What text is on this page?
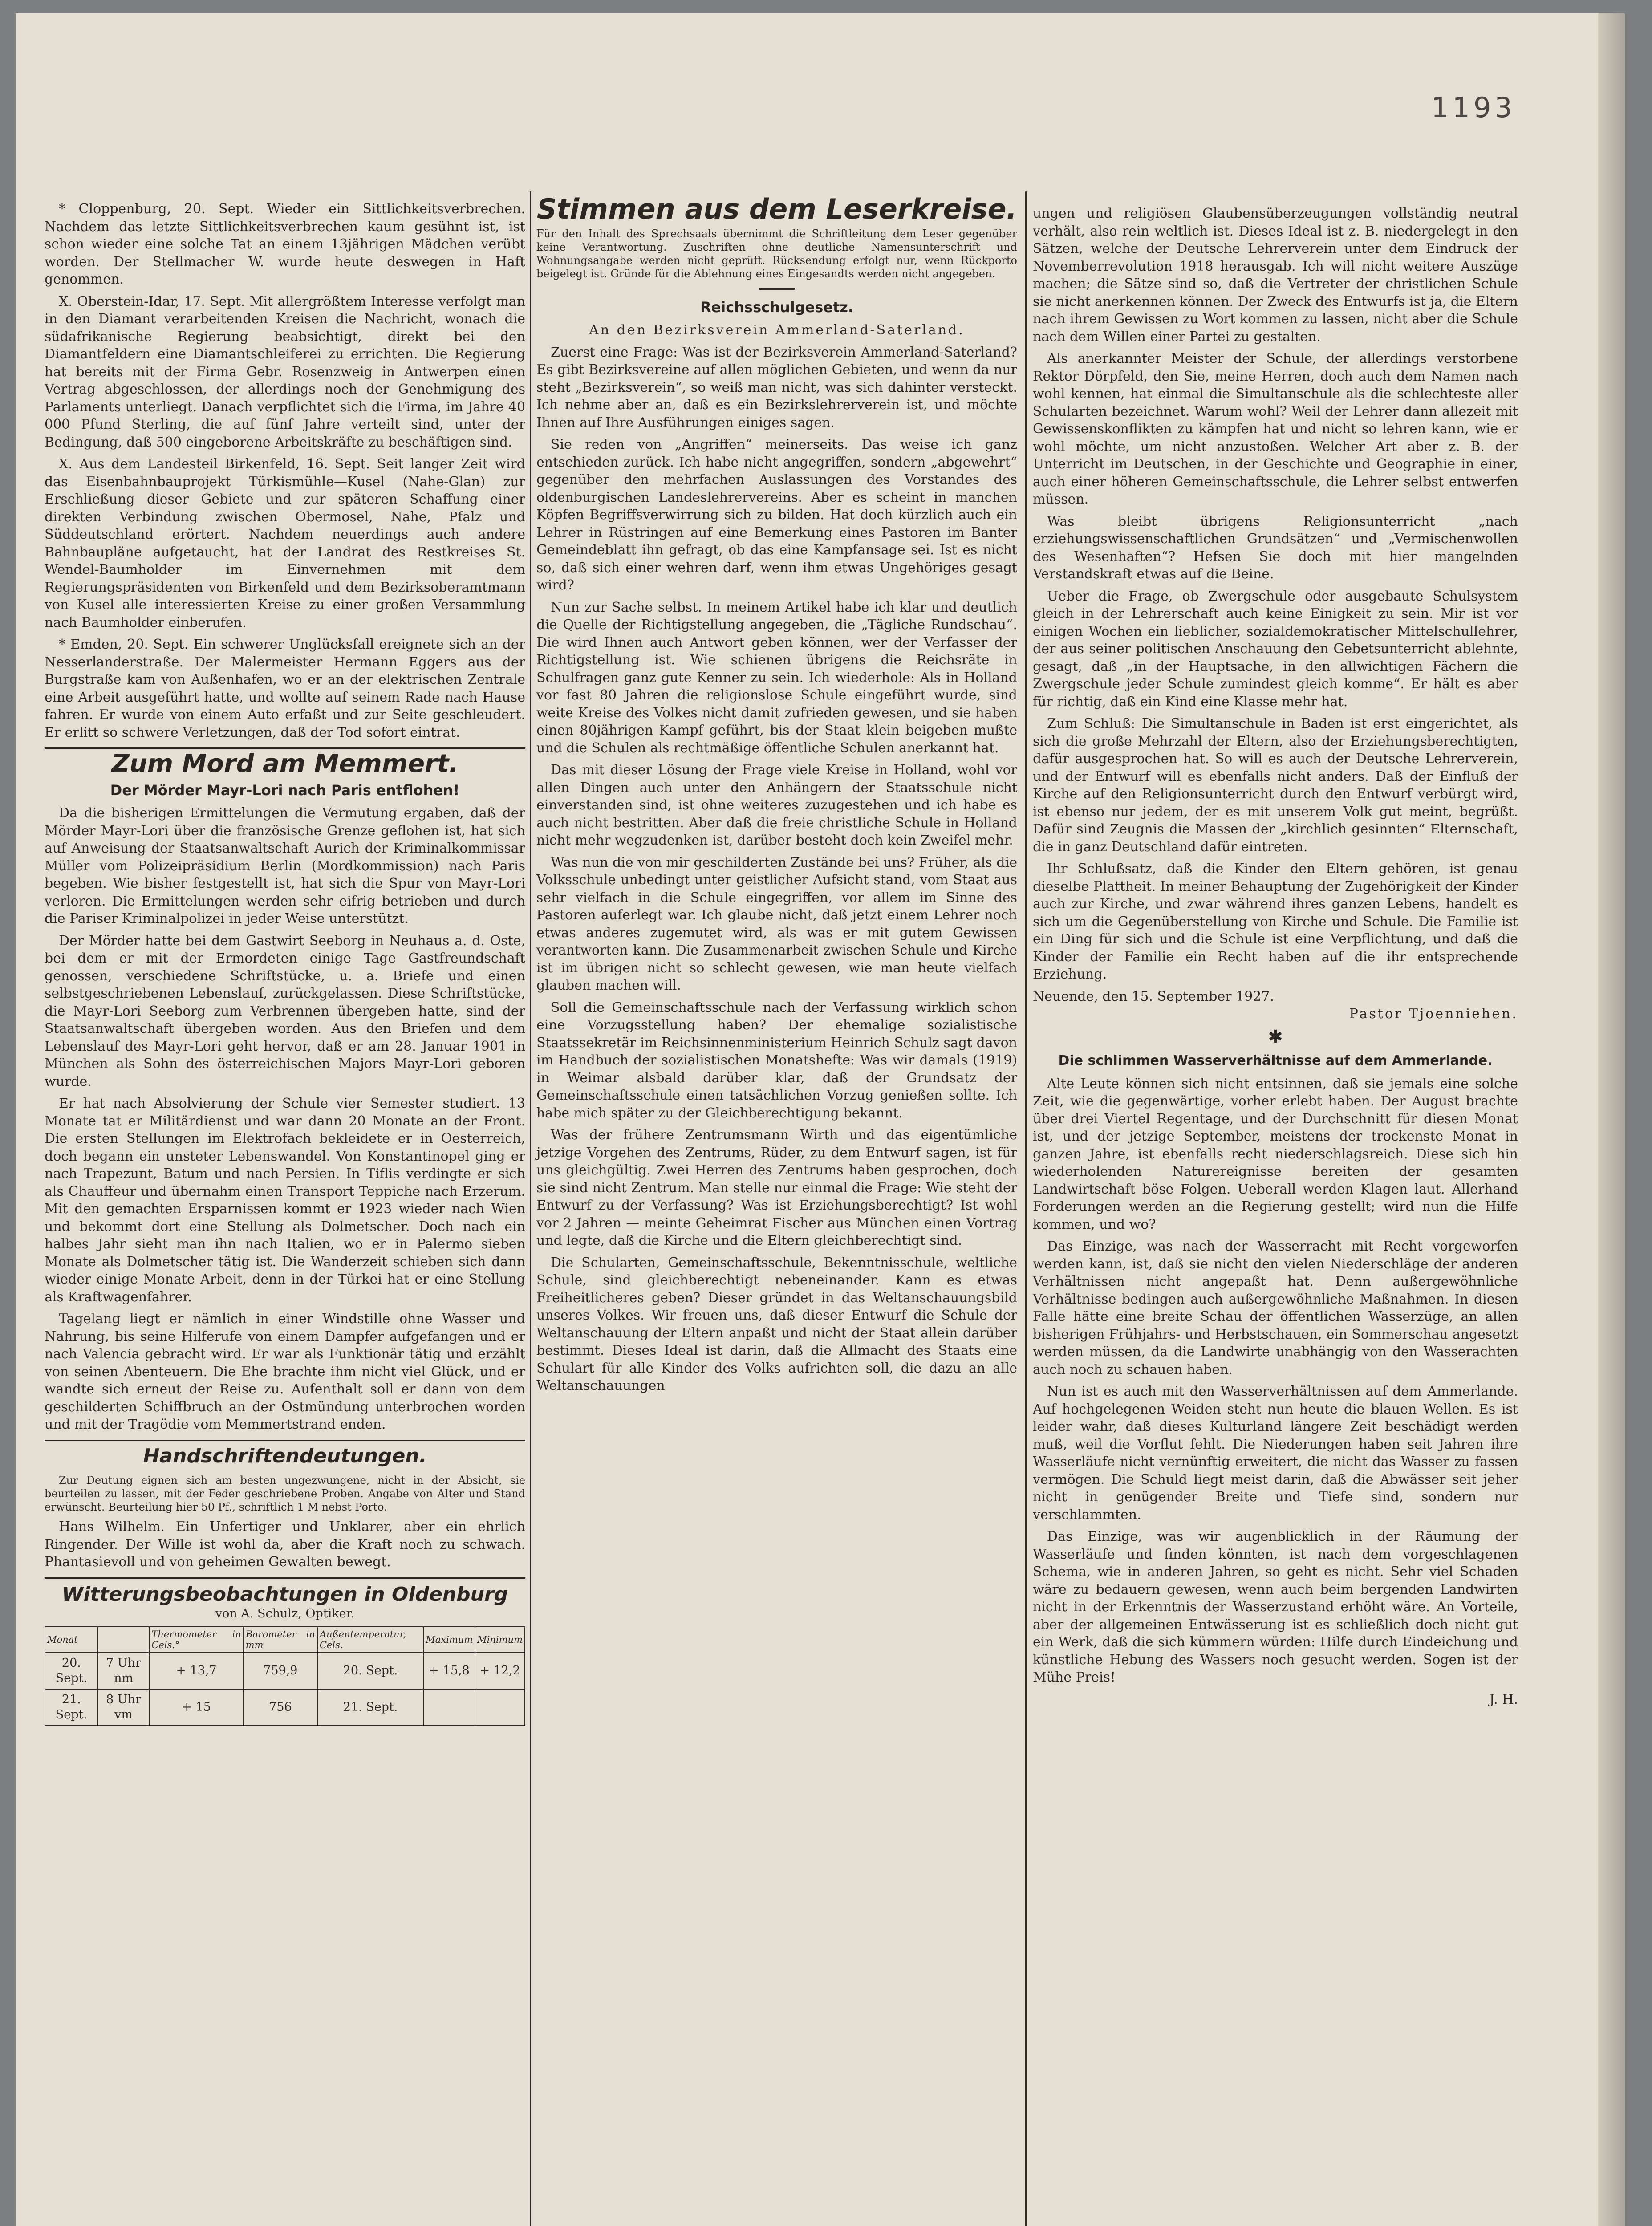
1193

* Cloppenburg, 20. Sept. Wieder ein Sittlichkeitsverbrechen. Nachdem das letzte Sittlichkeitsverbrechen kaum gesühnt ist, ist schon wieder eine solche Tat an einem 13jährigen Mädchen verübt worden. Der Stellmacher W. wurde heute deswegen in Haft genommen.

X. Oberstein-Idar, 17. Sept. Mit allergrößtem Interesse verfolgt man in den Diamant verarbeitenden Kreisen die Nachricht, wonach die südafrikanische Regierung beabsichtigt, direkt bei den Diamantfeldern eine Diamantschleiferei zu errichten. Die Regierung hat bereits mit der Firma Gebr. Rosenzweig in Antwerpen einen Vertrag abgeschlossen, der allerdings noch der Genehmigung des Parlaments unterliegt. Danach verpflichtet sich die Firma, im Jahre 40 000 Pfund Sterling, die auf fünf Jahre verteilt sind, unter der Bedingung, daß 500 eingeborene Arbeitskräfte zu beschäftigen sind.

X. Aus dem Landesteil Birkenfeld, 16. Sept. Seit langer Zeit wird das Eisenbahnbauprojekt Türkismühle—Kusel (Nahe-Glan) zur Erschließung dieser Gebiete und zur späteren Schaffung einer direkten Verbindung zwischen Obermosel, Nahe, Pfalz und Süddeutschland erörtert. Nachdem neuerdings auch andere Bahnbaupläne aufgetaucht, hat der Landrat des Restkreises St. Wendel-Baumholder im Einvernehmen mit dem Regierungspräsidenten von Birkenfeld und dem Bezirksoberamtmann von Kusel alle interessierten Kreise zu einer großen Versammlung nach Baumholder einberufen.

* Emden, 20. Sept. Ein schwerer Unglücksfall ereignete sich an der Nesserlanderstraße. Der Malermeister Hermann Eggers aus der Burgstraße kam von Außenhafen, wo er an der elektrischen Zentrale eine Arbeit ausgeführt hatte, und wollte auf seinem Rade nach Hause fahren. Er wurde von einem Auto erfaßt und zur Seite geschleudert. Er erlitt so schwere Verletzungen, daß der Tod sofort eintrat.

Zum Mord am Memmert.
Der Mörder Mayr-Lori nach Paris entflohen!

Da die bisherigen Ermittelungen die Vermutung ergaben, daß der Mörder Mayr-Lori über die französische Grenze geflohen ist, hat sich auf Anweisung der Staatsanwaltschaft Aurich der Kriminalkommissar Müller vom Polizeipräsidium Berlin (Mordkommission) nach Paris begeben. Wie bisher festgestellt ist, hat sich die Spur von Mayr-Lori verloren. Die Ermittelungen werden sehr eifrig betrieben und durch die Pariser Kriminalpolizei in jeder Weise unterstützt.

Der Mörder hatte bei dem Gastwirt Seeborg in Neuhaus a. d. Oste, bei dem er mit der Ermordeten einige Tage Gastfreundschaft genossen, verschiedene Schriftstücke, u. a. Briefe und einen selbstgeschriebenen Lebenslauf, zurückgelassen. Diese Schriftstücke, die Mayr-Lori Seeborg zum Verbrennen übergeben hatte, sind der Staatsanwaltschaft übergeben worden. Aus den Briefen und dem Lebenslauf des Mayr-Lori geht hervor, daß er am 28. Januar 1901 in München als Sohn des österreichischen Majors Mayr-Lori geboren wurde.

Er hat nach Absolvierung der Schule vier Semester studiert. 13 Monate tat er Militärdienst und war dann 20 Monate an der Front. Die ersten Stellungen im Elektrofach bekleidete er in Oesterreich, doch begann ein unsteter Lebenswandel. Von Konstantinopel ging er nach Trapezunt, Batum und nach Persien. In Tiflis verdingte er sich als Chauffeur und übernahm einen Transport Teppiche nach Erzerum. Mit den gemachten Ersparnissen kommt er 1923 wieder nach Wien und bekommt dort eine Stellung als Dolmetscher. Doch nach ein halbes Jahr sieht man ihn nach Italien, wo er in Palermo sieben Monate als Dolmetscher tätig ist. Die Wanderzeit schieben sich dann wieder einige Monate Arbeit, denn in der Türkei hat er eine Stellung als Kraftwagenfahrer.

Tagelang liegt er nämlich in einer Windstille ohne Wasser und Nahrung, bis seine Hilferufe von einem Dampfer aufgefangen und er nach Valencia gebracht wird. Er war als Funktionär tätig und erzählt von seinen Abenteuern. Die Ehe brachte ihm nicht viel Glück, und er wandte sich erneut der Reise zu. Aufenthalt soll er dann von dem geschilderten Schiffbruch an der Ostmündung unterbrochen worden und mit der Tragödie vom Memmertstrand enden.

Handschriftendeutungen.

Zur Deutung eignen sich am besten ungezwungene, nicht in der Absicht, sie beurteilen zu lassen, mit der Feder geschriebene Proben. Angabe von Alter und Stand erwünscht. Beurteilung hier 50 Pf., schriftlich 1 M nebst Porto.

Hans Wilhelm. Ein Unfertiger und Unklarer, aber ein ehrlich Ringender. Der Wille ist wohl da, aber die Kraft noch zu schwach. Phantasievoll und von geheimen Gewalten bewegt.

Witterungsbeobachtungen in Oldenburg
von A. Schulz, Optiker.
Monat		Thermometer in Cels.°	Barometer in mm	Außentemperatur, Cels.	Maximum	Minimum
20. Sept.	7 Uhr nm	+ 13,7	759,9	20. Sept.	+ 15,8	+ 12,2
21. Sept.	8 Uhr vm	+ 15	756	21. Sept.		
Stimmen aus dem Leserkreise.
Für den Inhalt des Sprechsaals übernimmt die Schriftleitung dem Leser gegenüber keine Verantwortung. Zuschriften ohne deutliche Namensunterschrift und Wohnungsangabe werden nicht geprüft. Rücksendung erfolgt nur, wenn Rückporto beigelegt ist. Gründe für die Ablehnung eines Eingesandts werden nicht angegeben.
Reichsschulgesetz.
An den Bezirksverein Ammerland-Saterland.

Zuerst eine Frage: Was ist der Bezirksverein Ammerland-Saterland? Es gibt Bezirksvereine auf allen möglichen Gebieten, und wenn da nur steht „Bezirksverein“, so weiß man nicht, was sich dahinter versteckt. Ich nehme aber an, daß es ein Bezirkslehrerverein ist, und möchte Ihnen auf Ihre Ausführungen einiges sagen.

Sie reden von „Angriffen“ meinerseits. Das weise ich ganz entschieden zurück. Ich habe nicht angegriffen, sondern „abgewehrt“ gegenüber den mehrfachen Auslassungen des Vorstandes des oldenburgischen Landeslehrervereins. Aber es scheint in manchen Köpfen Begriffsverwirrung sich zu bilden. Hat doch kürzlich auch ein Lehrer in Rüstringen auf eine Bemerkung eines Pastoren im Banter Gemeindeblatt ihn gefragt, ob das eine Kampfansage sei. Ist es nicht so, daß sich einer wehren darf, wenn ihm etwas Ungehöriges gesagt wird?

Nun zur Sache selbst. In meinem Artikel habe ich klar und deutlich die Quelle der Richtigstellung angegeben, die „Tägliche Rundschau“. Die wird Ihnen auch Antwort geben können, wer der Verfasser der Richtigstellung ist. Wie schienen übrigens die Reichsräte in Schulfragen ganz gute Kenner zu sein. Ich wiederhole: Als in Holland vor fast 80 Jahren die religionslose Schule eingeführt wurde, sind weite Kreise des Volkes nicht damit zufrieden gewesen, und sie haben einen 80jährigen Kampf geführt, bis der Staat klein beigeben mußte und die Schulen als rechtmäßige öffentliche Schulen anerkannt hat.

Das mit dieser Lösung der Frage viele Kreise in Holland, wohl vor allen Dingen auch unter den Anhängern der Staatsschule nicht einverstanden sind, ist ohne weiteres zuzugestehen und ich habe es auch nicht bestritten. Aber daß die freie christliche Schule in Holland nicht mehr wegzudenken ist, darüber besteht doch kein Zweifel mehr.

Was nun die von mir geschilderten Zustände bei uns? Früher, als die Volksschule unbedingt unter geistlicher Aufsicht stand, vom Staat aus sehr vielfach in die Schule eingegriffen, vor allem im Sinne des Pastoren auferlegt war. Ich glaube nicht, daß jetzt einem Lehrer noch etwas anderes zugemutet wird, als was er mit gutem Gewissen verantworten kann. Die Zusammenarbeit zwischen Schule und Kirche ist im übrigen nicht so schlecht gewesen, wie man heute vielfach glauben machen will.

Soll die Gemeinschaftsschule nach der Verfassung wirklich schon eine Vorzugsstellung haben? Der ehemalige sozialistische Staatssekretär im Reichsinnenministerium Heinrich Schulz sagt davon im Handbuch der sozialistischen Monatshefte: Was wir damals (1919) in Weimar alsbald darüber klar, daß der Grundsatz der Gemeinschaftsschule einen tatsächlichen Vorzug genießen sollte. Ich habe mich später zu der Gleichberechtigung bekannt.

Was der frühere Zentrumsmann Wirth und das eigentümliche jetzige Vorgehen des Zentrums, Rüder, zu dem Entwurf sagen, ist für uns gleichgültig. Zwei Herren des Zentrums haben gesprochen, doch sie sind nicht Zentrum. Man stelle nur einmal die Frage: Wie steht der Entwurf zu der Verfassung? Was ist Erziehungsberechtigt? Ist wohl vor 2 Jahren — meinte Geheimrat Fischer aus München einen Vortrag und legte, daß die Kirche und die Eltern gleichberechtigt sind.

Die Schularten, Gemeinschaftsschule, Bekenntnisschule, weltliche Schule, sind gleichberechtigt nebeneinander. Kann es etwas Freiheitlicheres geben? Dieser gründet in das Weltanschauungsbild unseres Volkes. Wir freuen uns, daß dieser Entwurf die Schule der Weltanschauung der Eltern anpaßt und nicht der Staat allein darüber bestimmt. Dieses Ideal ist darin, daß die Allmacht des Staats eine Schulart für alle Kinder des Volks aufrichten soll, die dazu an alle Weltanschauungen

ungen und religiösen Glaubensüberzeugungen vollständig neutral verhält, also rein weltlich ist. Dieses Ideal ist z. B. niedergelegt in den Sätzen, welche der Deutsche Lehrerverein unter dem Eindruck der Novemberrevolution 1918 herausgab. Ich will nicht weitere Auszüge machen; die Sätze sind so, daß die Vertreter der christlichen Schule sie nicht anerkennen können. Der Zweck des Entwurfs ist ja, die Eltern nach ihrem Gewissen zu Wort kommen zu lassen, nicht aber die Schule nach dem Willen einer Partei zu gestalten.

Als anerkannter Meister der Schule, der allerdings verstorbene Rektor Dörpfeld, den Sie, meine Herren, doch auch dem Namen nach wohl kennen, hat einmal die Simultanschule als die schlechteste aller Schularten bezeichnet. Warum wohl? Weil der Lehrer dann allezeit mit Gewissenskonflikten zu kämpfen hat und nicht so lehren kann, wie er wohl möchte, um nicht anzustoßen. Welcher Art aber z. B. der Unterricht im Deutschen, in der Geschichte und Geographie in einer, auch einer höheren Gemeinschaftsschule, die Lehrer selbst entwerfen müssen.

Was bleibt übrigens Religionsunterricht „nach erziehungswissenschaftlichen Grundsätzen“ und „Vermischenwollen des Wesenhaften“? Hefsen Sie doch mit hier mangelnden Verstandskraft etwas auf die Beine.

Ueber die Frage, ob Zwergschule oder ausgebaute Schulsystem gleich in der Lehrerschaft auch keine Einigkeit zu sein. Mir ist vor einigen Wochen ein lieblicher, sozialdemokratischer Mittelschullehrer, der aus seiner politischen Anschauung den Gebetsunterricht ablehnte, gesagt, daß „in der Hauptsache, in den allwichtigen Fächern die Zwergschule jeder Schule zumindest gleich komme“. Er hält es aber für richtig, daß ein Kind eine Klasse mehr hat.

Zum Schluß: Die Simultanschule in Baden ist erst eingerichtet, als sich die große Mehrzahl der Eltern, also der Erziehungsberechtigten, dafür ausgesprochen hat. So will es auch der Deutsche Lehrerverein, und der Entwurf will es ebenfalls nicht anders. Daß der Einfluß der Kirche auf den Religionsunterricht durch den Entwurf verbürgt wird, ist ebenso nur jedem, der es mit unserem Volk gut meint, begrüßt. Dafür sind Zeugnis die Massen der „kirchlich gesinnten“ Elternschaft, die in ganz Deutschland dafür eintreten.

Ihr Schlußsatz, daß die Kinder den Eltern gehören, ist genau dieselbe Plattheit. In meiner Behauptung der Zugehörigkeit der Kinder auch zur Kirche, und zwar während ihres ganzen Lebens, handelt es sich um die Gegenüberstellung von Kirche und Schule. Die Familie ist ein Ding für sich und die Schule ist eine Verpflichtung, und daß die Kinder der Familie ein Recht haben auf die ihr entsprechende Erziehung.

Neuende, den 15. September 1927.
Pastor Tjoenniehen.
✱
Die schlimmen Wasserverhältnisse auf dem Ammerlande.

Alte Leute können sich nicht entsinnen, daß sie jemals eine solche Zeit, wie die gegenwärtige, vorher erlebt haben. Der August brachte über drei Viertel Regentage, und der Durchschnitt für diesen Monat ist, und der jetzige September, meistens der trockenste Monat in ganzen Jahre, ist ebenfalls recht niederschlagsreich. Diese sich hin wiederholenden Naturereignisse bereiten der gesamten Landwirtschaft böse Folgen. Ueberall werden Klagen laut. Allerhand Forderungen werden an die Regierung gestellt; wird nun die Hilfe kommen, und wo?

Das Einzige, was nach der Wasserracht mit Recht vorgeworfen werden kann, ist, daß sie nicht den vielen Niederschläge der anderen Verhältnissen nicht angepaßt hat. Denn außergewöhnliche Verhältnisse bedingen auch außergewöhnliche Maßnahmen. In diesen Falle hätte eine breite Schau der öffentlichen Wasserzüge, an allen bisherigen Frühjahrs- und Herbstschauen, ein Sommerschau angesetzt werden müssen, da die Landwirte unabhängig von den Wasserachten auch noch zu schauen haben.

Nun ist es auch mit den Wasserverhältnissen auf dem Ammerlande. Auf hochgelegenen Weiden steht nun heute die blauen Wellen. Es ist leider wahr, daß dieses Kulturland längere Zeit beschädigt werden muß, weil die Vorflut fehlt. Die Niederungen haben seit Jahren ihre Wasserläufe nicht vernünftig erweitert, die nicht das Wasser zu fassen vermögen. Die Schuld liegt meist darin, daß die Abwässer seit jeher nicht in genügender Breite und Tiefe sind, sondern nur verschlammten.

Das Einzige, was wir augenblicklich in der Räumung der Wasserläufe und finden könnten, ist nach dem vorgeschlagenen Schema, wie in anderen Jahren, so geht es nicht. Sehr viel Schaden wäre zu bedauern gewesen, wenn auch beim bergenden Landwirten nicht in der Erkenntnis der Wasserzustand erhöht wäre. An Vorteile, aber der allgemeinen Entwässerung ist es schließlich doch nicht gut ein Werk, daß die sich kümmern würden: Hilfe durch Eindeichung und künstliche Hebung des Wassers noch gesucht werden. Sogen ist der Mühe Preis!

J. H.
